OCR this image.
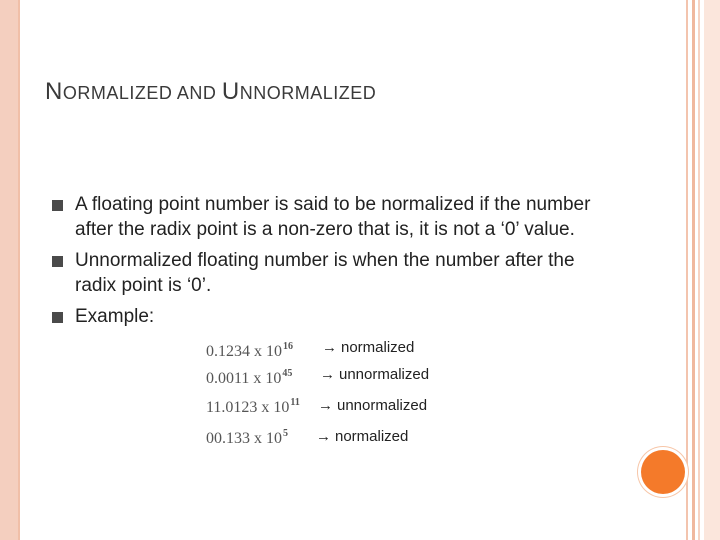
NORMALIZED AND UNNORMALIZED
A floating point number is said to be normalized if the number after the radix point is a non-zero that is, it is not a ‘0’ value.
Unnormalized floating number is when the number after the radix point is ‘0’.
Example:
0.1234 x $10^{16}$ → normalized
0.0011 x $10^{45}$ → unnormalized
11.0123 x $10^{11}$ → unnormalized
00.133 x $10^5$ → normalized
